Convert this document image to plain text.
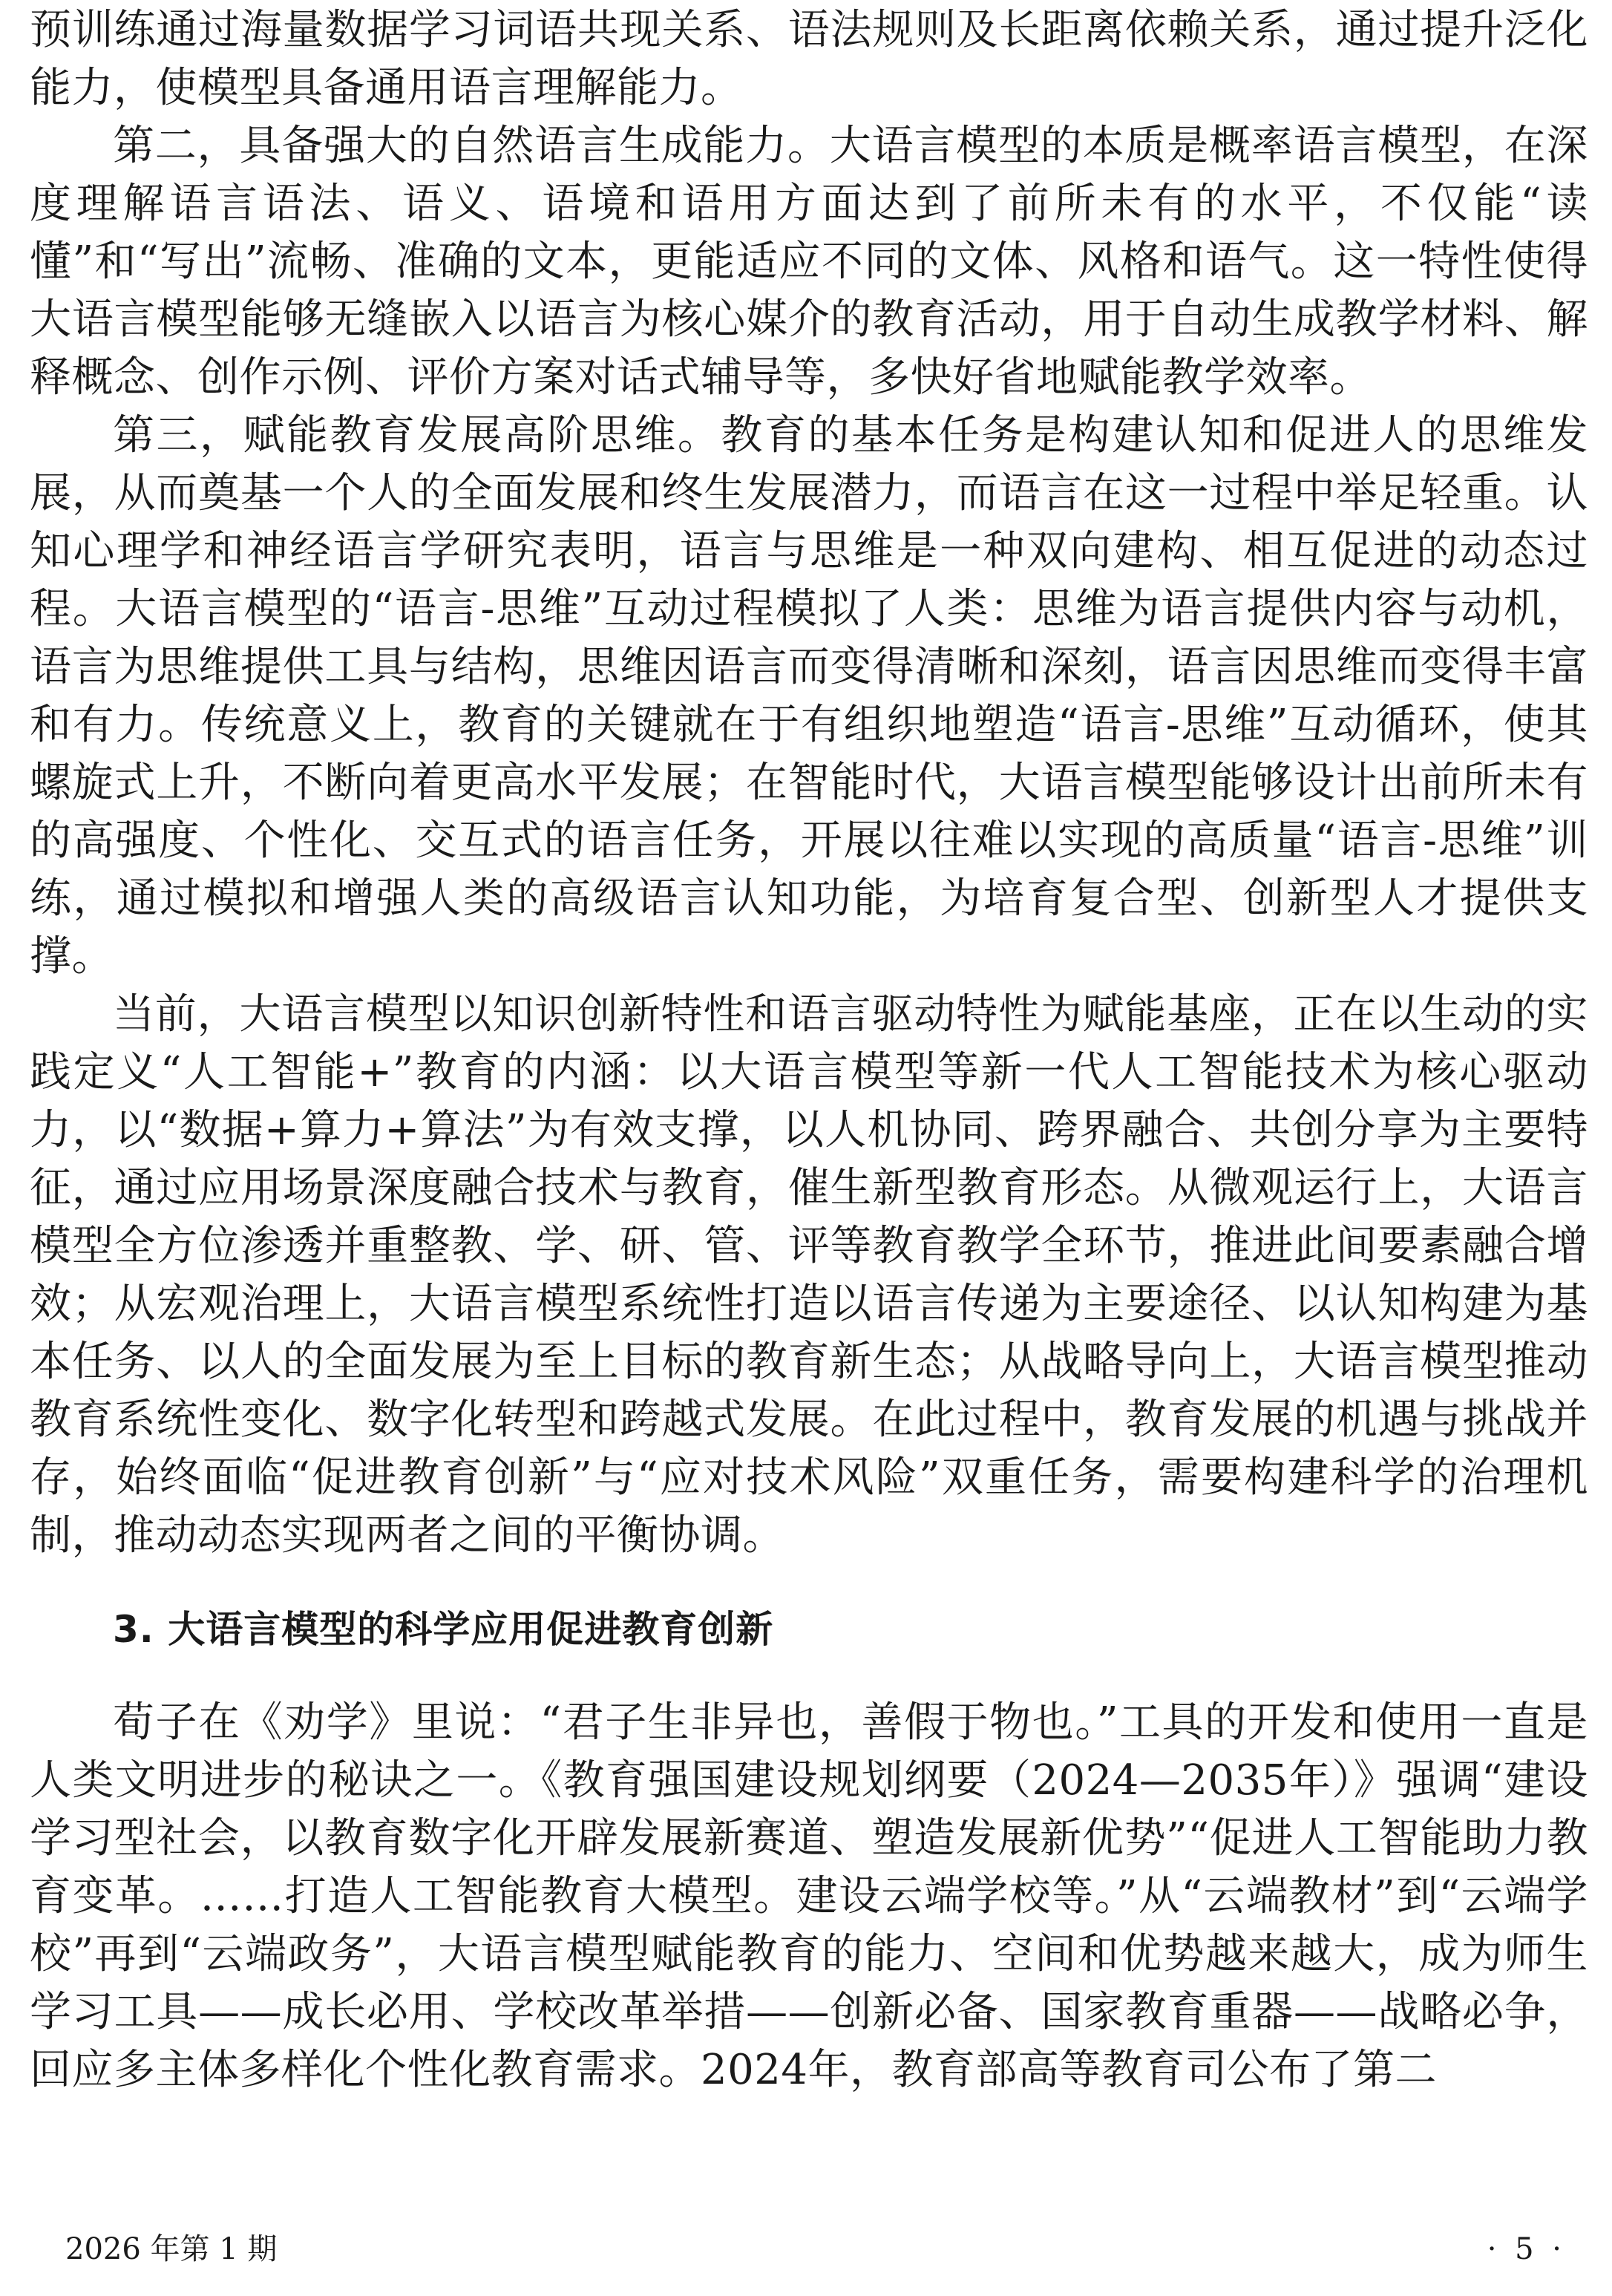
预训练通过海量数据学习词语共现关系、语法规则及长距离依赖关系，通过提升泛化能力，使模型具备通用语言理解能力。

第二，具备强大的自然语言生成能力。大语言模型的本质是概率语言模型，在深度理解语言语法、语义、语境和语用方面达到了前所未有的水平，不仅能“读懂”和“写出”流畅、准确的文本，更能适应不同的文体、风格和语气。这一特性使得大语言模型能够无缝嵌入以语言为核心媒介的教育活动，用于自动生成教学材料、解释概念、创作示例、评价方案对话式辅导等，多快好省地赋能教学效率。

第三，赋能教育发展高阶思维。教育的基本任务是构建认知和促进人的思维发展，从而奠基一个人的全面发展和终生发展潜力，而语言在这一过程中举足轻重。认知心理学和神经语言学研究表明，语言与思维是一种双向建构、相互促进的动态过程。大语言模型的“语言-思维”互动过程模拟了人类：思维为语言提供内容与动机，语言为思维提供工具与结构，思维因语言而变得清晰和深刻，语言因思维而变得丰富和有力。传统意义上，教育的关键就在于有组织地塑造“语言-思维”互动循环，使其螺旋式上升，不断向着更高水平发展；在智能时代，大语言模型能够设计出前所未有的高强度、个性化、交互式的语言任务，开展以往难以实现的高质量“语言-思维”训练，通过模拟和增强人类的高级语言认知功能，为培育复合型、创新型人才提供支撑。

当前，大语言模型以知识创新特性和语言驱动特性为赋能基座，正在以生动的实践定义“人工智能+”教育的内涵：以大语言模型等新一代人工智能技术为核心驱动力，以“数据+算力+算法”为有效支撑，以人机协同、跨界融合、共创分享为主要特征，通过应用场景深度融合技术与教育，催生新型教育形态。从微观运行上，大语言模型全方位渗透并重整教、学、研、管、评等教育教学全环节，推进此间要素融合增效；从宏观治理上，大语言模型系统性打造以语言传递为主要途径、以认知构建为基本任务、以人的全面发展为至上目标的教育新生态；从战略导向上，大语言模型推动教育系统性变化、数字化转型和跨越式发展。在此过程中，教育发展的机遇与挑战并存，始终面临“促进教育创新”与“应对技术风险”双重任务，需要构建科学的治理机制，推动动态实现两者之间的平衡协调。

3. 大语言模型的科学应用促进教育创新

荀子在《劝学》里说：“君子生非异也，善假于物也。”工具的开发和使用一直是人类文明进步的秘诀之一。《教育强国建设规划纲要（2024—2035年）》强调“建设学习型社会，以教育数字化开辟发展新赛道、塑造发展新优势”“促进人工智能助力教育变革。……打造人工智能教育大模型。建设云端学校等。”从“云端教材”到“云端学校”再到“云端政务”，大语言模型赋能教育的能力、空间和优势越来越大，成为师生学习工具——成长必用、学校改革举措——创新必备、国家教育重器——战略必争，回应多主体多样化个性化教育需求。2024年，教育部高等教育司公布了第二

2026 年第 1 期	· 5 ·
